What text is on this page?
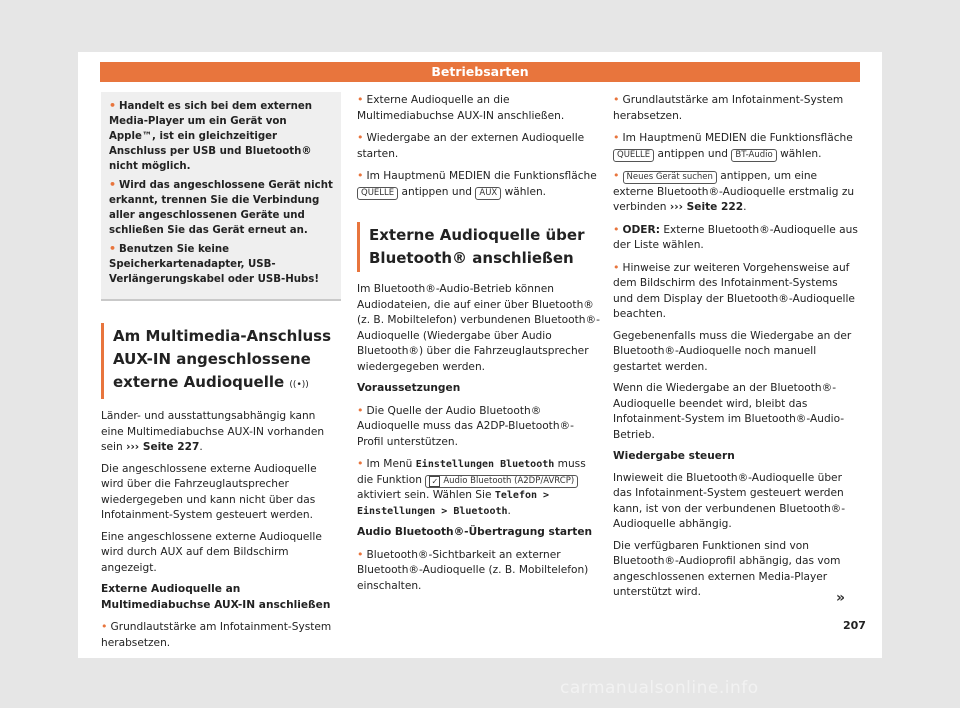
Betriebsarten

• Handelt es sich bei dem externen Media-Player um ein Gerät von Apple™, ist ein gleichzeitiger Anschluss per USB und Bluetooth® nicht möglich.

• Wird das angeschlossene Gerät nicht erkannt, trennen Sie die Verbindung aller angeschlossenen Geräte und schließen Sie das Gerät erneut an.

• Benutzen Sie keine Speicherkartenadapter, USB-Verlängerungskabel oder USB-Hubs!

Am Multimedia-Anschluss AUX-IN angeschlossene externe Audioquelle ((•))

Länder- und ausstattungsabhängig kann eine Multimediabuchse AUX-IN vorhanden sein ››› Seite 227.

Die angeschlossene externe Audioquelle wird über die Fahrzeuglautsprecher wiedergegeben und kann nicht über das Infotainment-System gesteuert werden.

Eine angeschlossene externe Audioquelle wird durch AUX auf dem Bildschirm angezeigt.

Externe Audioquelle an Multimediabuchse AUX-IN anschließen

• Grundlautstärke am Infotainment-System herabsetzen.

• Externe Audioquelle an die Multimediabuchse AUX-IN anschließen.

• Wiedergabe an der externen Audioquelle starten.

• Im Hauptmenü MEDIEN die Funktionsfläche QUELLE antippen und AUX wählen.

Externe Audioquelle über Bluetooth® anschließen

Im Bluetooth®-Audio-Betrieb können Audiodateien, die auf einer über Bluetooth® (z. B. Mobiltelefon) verbundenen Bluetooth®-Audioquelle (Wiedergabe über Audio Bluetooth®) über die Fahrzeuglautsprecher wiedergegeben werden.

Voraussetzungen

• Die Quelle der Audio Bluetooth® Audioquelle muss das A2DP-Bluetooth®-Profil unterstützen.

• Im Menü Einstellungen Bluetooth muss die Funktion ✓ Audio Bluetooth (A2DP/AVRCP) aktiviert sein. Wählen Sie Telefon > Einstellungen > Bluetooth.

Audio Bluetooth®-Übertragung starten

• Bluetooth®-Sichtbarkeit an externer Bluetooth®-Audioquelle (z. B. Mobiltelefon) einschalten.

• Grundlautstärke am Infotainment-System herabsetzen.

• Im Hauptmenü MEDIEN die Funktionsfläche QUELLE antippen und BT-Audio wählen.

• Neues Gerät suchen antippen, um eine externe Bluetooth®-Audioquelle erstmalig zu verbinden ››› Seite 222.

• ODER: Externe Bluetooth®-Audioquelle aus der Liste wählen.

• Hinweise zur weiteren Vorgehensweise auf dem Bildschirm des Infotainment-Systems und dem Display der Bluetooth®-Audioquelle beachten.

Gegebenenfalls muss die Wiedergabe an der Bluetooth®-Audioquelle noch manuell gestartet werden.

Wenn die Wiedergabe an der Bluetooth®-Audioquelle beendet wird, bleibt das Infotainment-System im Bluetooth®-Audio-Betrieb.

Wiedergabe steuern

Inwieweit die Bluetooth®-Audioquelle über das Infotainment-System gesteuert werden kann, ist von der verbundenen Bluetooth®-Audioquelle abhängig.

Die verfügbaren Funktionen sind von Bluetooth®-Audioprofil abhängig, das vom angeschlossenen externen Media-Player unterstützt wird.	»
207
carmanualsonline.info
